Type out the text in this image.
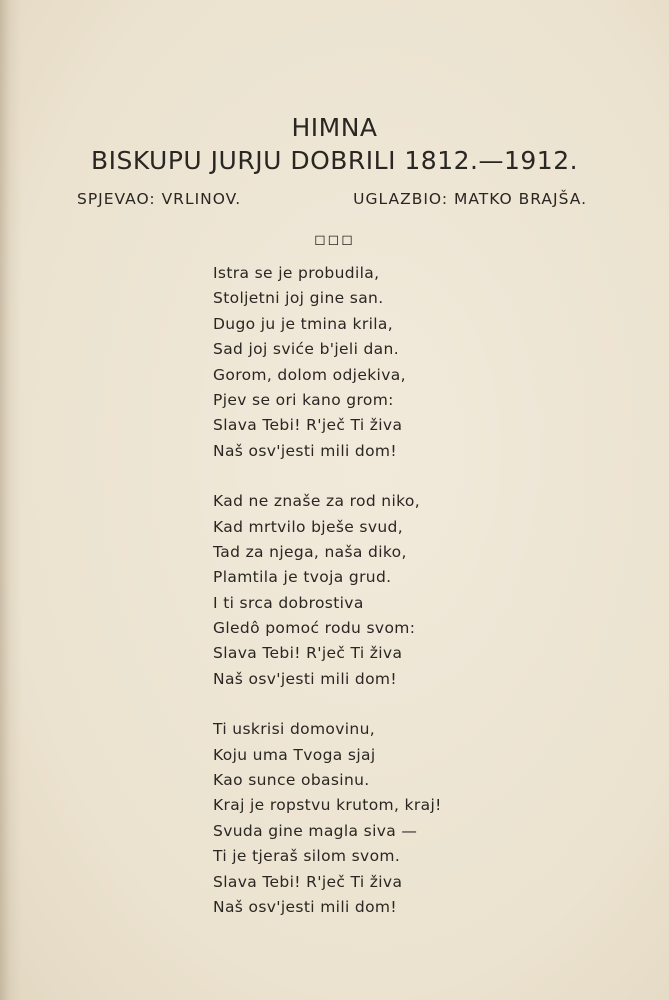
HIMNA
BISKUPU JURJU DOBRILI 1812.—1912.
SPJEVAO: VRLINOV.	UGLAZBIO: MATKO BRAJŠA.
◻◻◻
Istra se je probudila,
Stoljetni joj gine san.
Dugo ju je tmina krila,
Sad joj sviće b'jeli dan.
Gorom, dolom odjekiva,
Pjev se ori kano grom:
Slava Tebi! R'ječ Ti živa
Naš osv'jesti mili dom!
Kad ne znaše za rod niko,
Kad mrtvilo bješe svud,
Tad za njega, naša diko,
Plamtila je tvoja grud.
I ti srca dobrostiva
Gledô pomoć rodu svom:
Slava Tebi! R'ječ Ti živa
Naš osv'jesti mili dom!
Ti uskrisi domovinu,
Koju uma Tvoga sjaj
Kao sunce obasinu.
Kraj je ropstvu krutom, kraj!
Svuda gine magla siva —
Ti je tjeraš silom svom.
Slava Tebi! R'ječ Ti živa
Naš osv'jesti mili dom!
